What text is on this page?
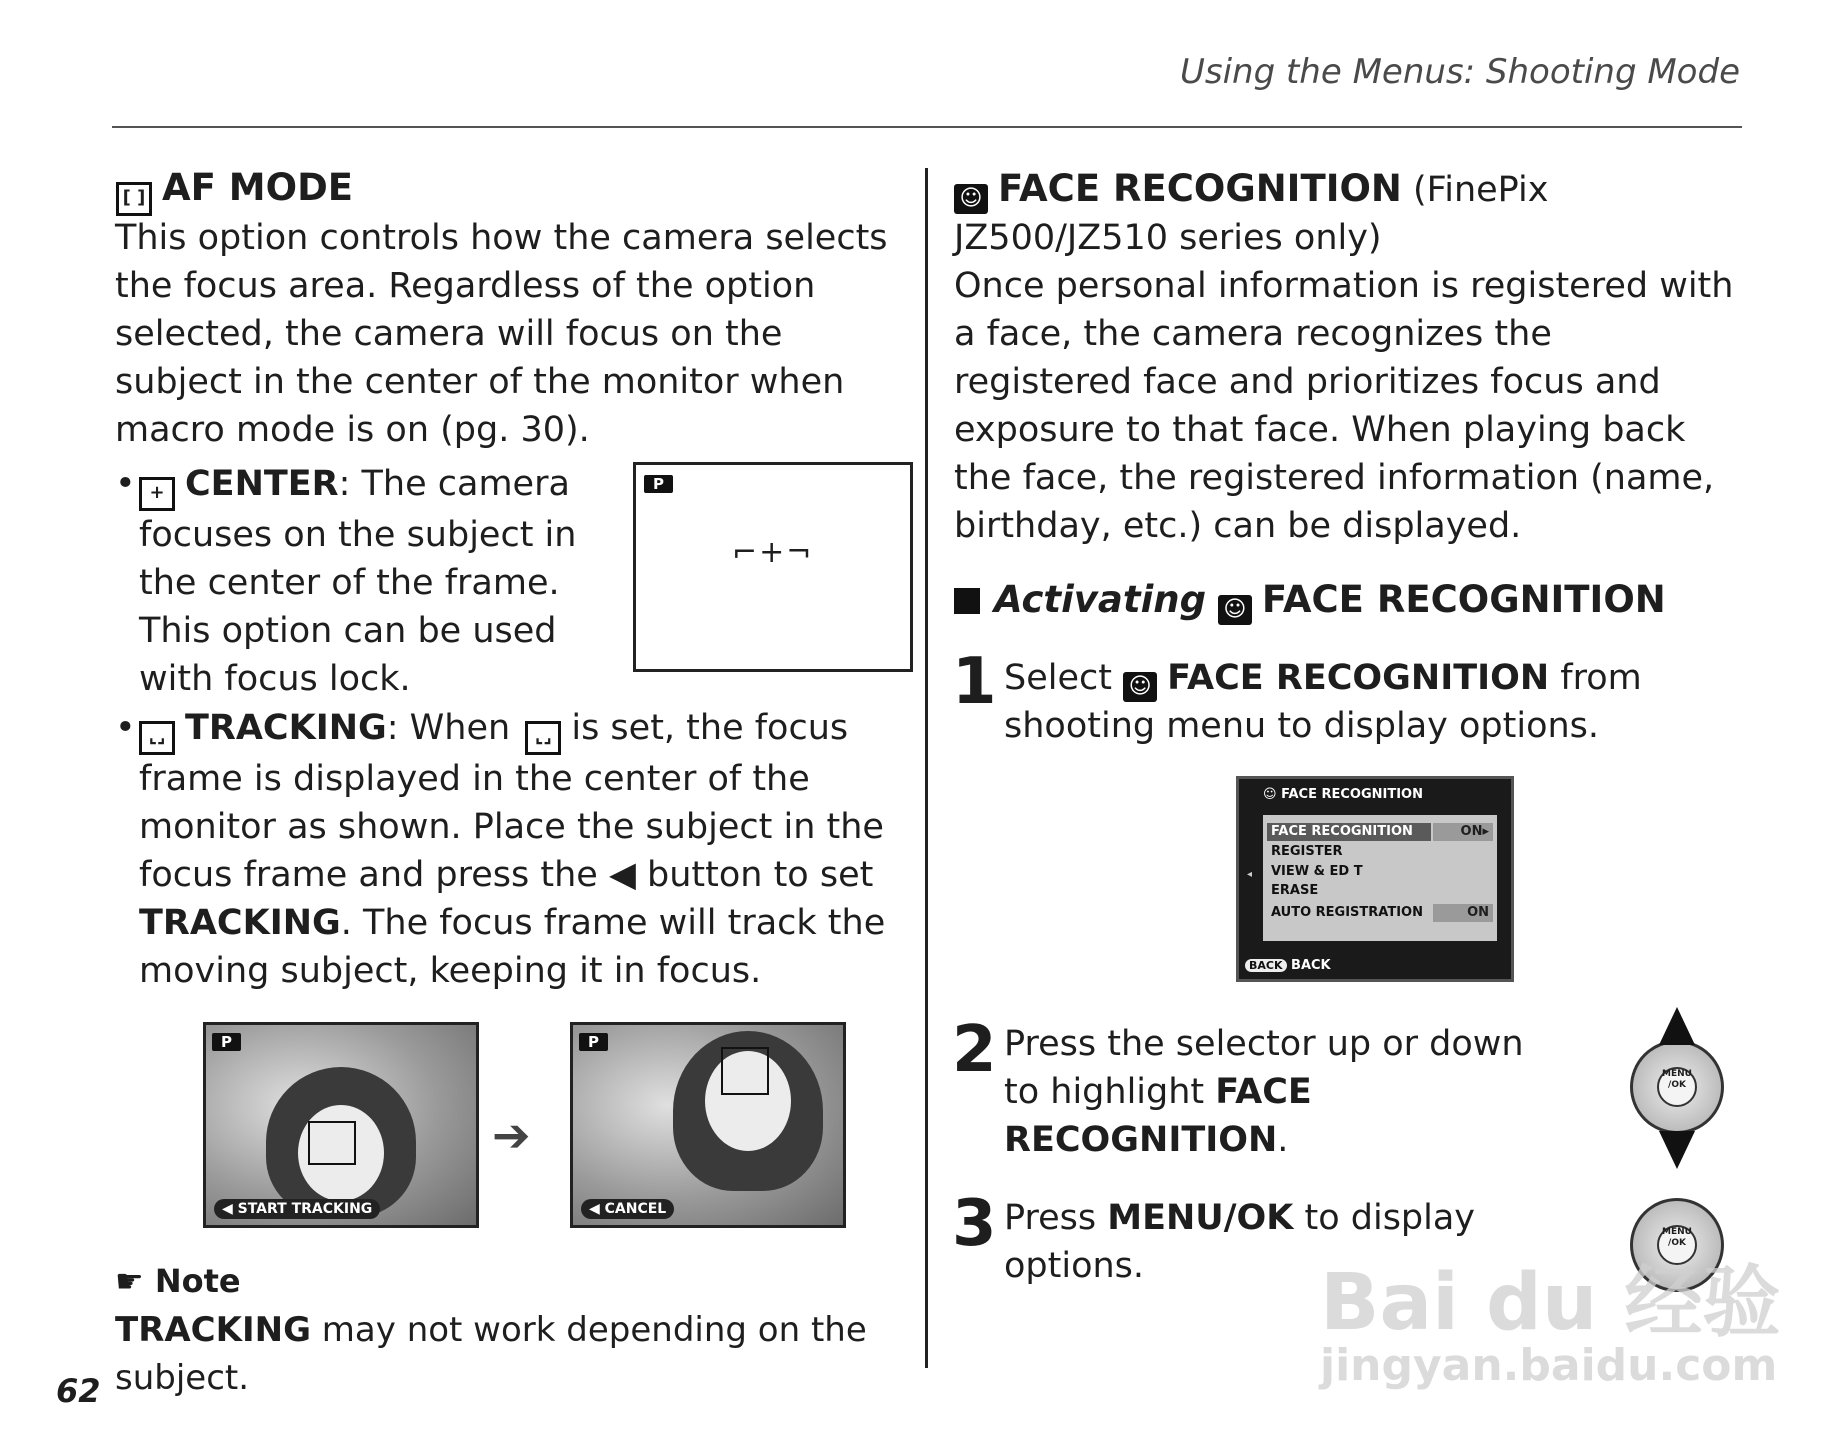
Using the Menus: Shooting Mode
62
[ ] AF MODE
This option controls how the camera selects the focus area. Regardless of the option selected, the camera will focus on the subject in the center of the monitor when macro mode is on (pg. 30).
• + CENTER: The camera focuses on the subject in the center of the frame. This option can be used with focus lock.
P
⌐+¬
• ⌞⌟ TRACKING: When ⌞⌟ is set, the focus frame is displayed in the center of the monitor as shown. Place the subject in the focus frame and press the ◀ button to set TRACKING. The focus frame will track the moving subject, keeping it in focus.
P
◀ START TRACKING
➔
P
◀ CANCEL
☛ Note
TRACKING may not work depending on the subject.
☺ FACE RECOGNITION (FinePix JZ500/JZ510 series only)
Once personal information is registered with a face, the camera recognizes the registered face and prioritizes focus and exposure to that face. When playing back the face, the registered information (name, birthday, etc.) can be displayed.
Activating ☺ FACE RECOGNITION
1 Select ☺ FACE RECOGNITION from shooting menu to display options.
☺ FACE RECOGNITION
◂
FACE RECOGNITION	ON▸
REGISTER
VIEW & ED T
ERASE
AUTO REGISTRATION	ON
BACK BACK
2 Press the selector up or down to highlight FACE RECOGNITION.
MENU /OK
3 Press MENU/OK to display options.
MENU /OK
Bai du 经验
jingyan.baidu.com
